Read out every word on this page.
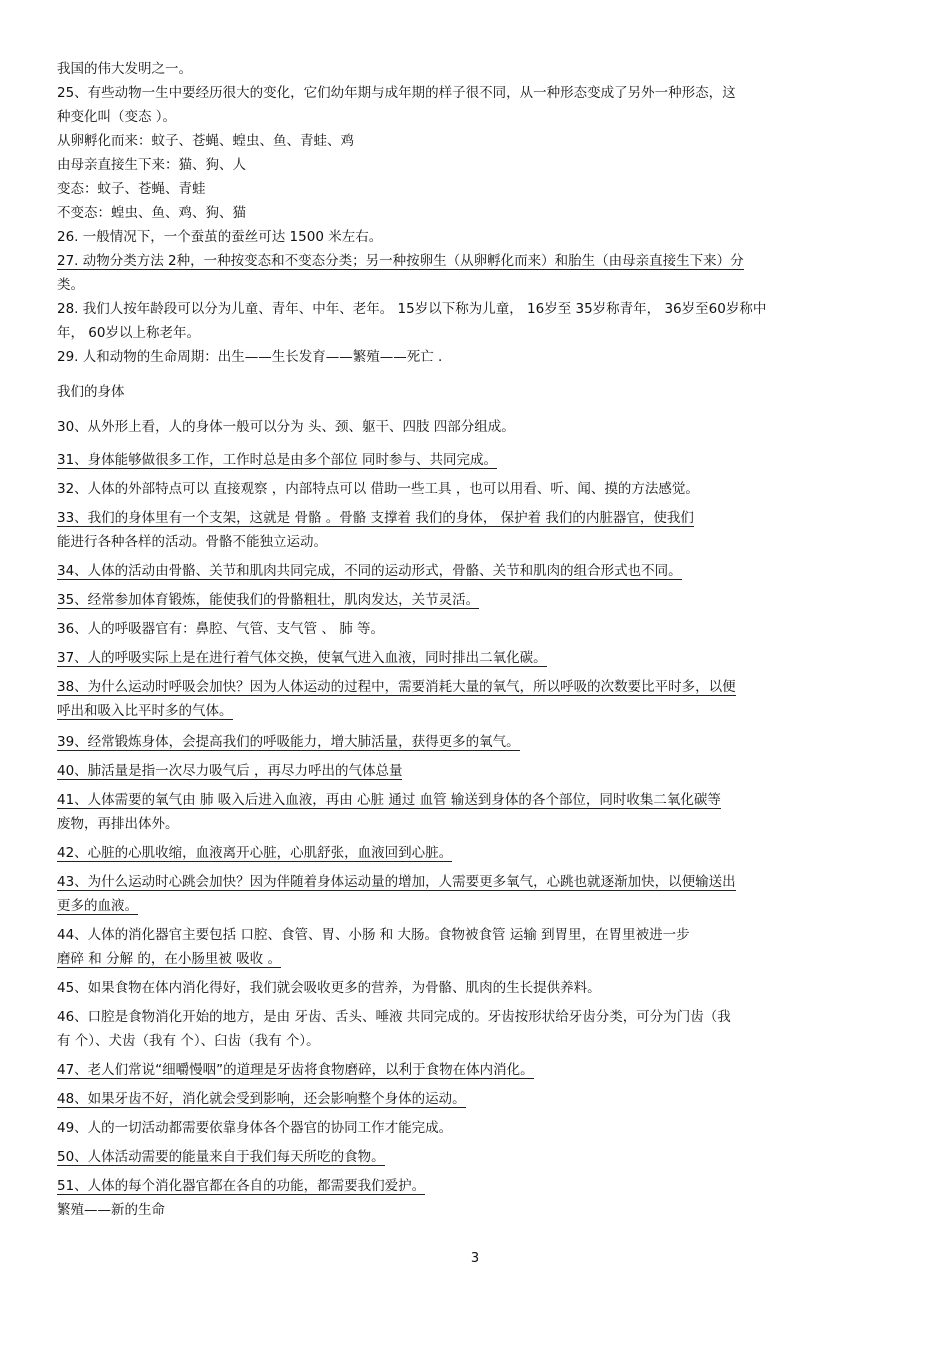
我国的伟大发明之一。

25、有些动物一生中要经历很大的变化，它们幼年期与成年期的样子很不同，从一种形态变成了另外一种形态，这

种变化叫（变态 ）。

从卵孵化而来：蚊子、苍蝇、蝗虫、鱼、青蛙、鸡

由母亲直接生下来：猫、狗、人

变态：蚊子、苍蝇、青蛙

不变态：蝗虫、鱼、鸡、狗、猫

26. 一般情况下，一个蚕茧的蚕丝可达 1500 米左右。

27. 动物分类方法 2种，一种按变态和不变态分类；另一种按卵生（从卵孵化而来）和胎生（由母亲直接生下来）分

类。

28. 我们人按年龄段可以分为儿童、青年、中年、老年。 15岁以下称为儿童， 16岁至 35岁称青年， 36岁至60岁称中

年， 60岁以上称老年。

29. 人和动物的生命周期：出生——生长发育——繁殖——死亡 .

我们的身体

30、从外形上看，人的身体一般可以分为 头、颈、躯干、四肢 四部分组成。

31、身体能够做很多工作，工作时总是由多个部位 同时参与、共同完成。

32、人体的外部特点可以 直接观察 ，内部特点可以 借助一些工具 ，也可以用看、听、闻、摸的方法感觉。

33、我们的身体里有一个支架，这就是 骨骼 。骨骼 支撑着 我们的身体， 保护着 我们的内脏器官，使我们

能进行各种各样的活动。骨骼不能独立运动。

34、人体的活动由骨骼、关节和肌肉共同完成，不同的运动形式，骨骼、关节和肌肉的组合形式也不同。

35、经常参加体育锻炼，能使我们的骨骼粗壮，肌肉发达，关节灵活。

36、人的呼吸器官有：鼻腔、气管、支气管 、 肺 等。

37、人的呼吸实际上是在进行着气体交换，使氧气进入血液，同时排出二氧化碳。

38、为什么运动时呼吸会加快？因为人体运动的过程中，需要消耗大量的氧气，所以呼吸的次数要比平时多，以便

呼出和吸入比平时多的气体。

39、经常锻炼身体，会提高我们的呼吸能力，增大肺活量，获得更多的氧气。

40、肺活量是指一次尽力吸气后 ，再尽力呼出的气体总量

41、人体需要的氧气由 肺 吸入后进入血液，再由 心脏 通过 血管 输送到身体的各个部位，同时收集二氧化碳等

废物，再排出体外。

42、心脏的心肌收缩，血液离开心脏，心肌舒张，血液回到心脏。

43、为什么运动时心跳会加快？因为伴随着身体运动量的增加，人需要更多氧气，心跳也就逐渐加快，以便输送出

更多的血液。

44、人体的消化器官主要包括 口腔、食管、胃、小肠 和 大肠。食物被食管 运输 到胃里，在胃里被进一步

磨碎 和 分解 的，在小肠里被 吸收 。

45、如果食物在体内消化得好，我们就会吸收更多的营养，为骨骼、肌肉的生长提供养料。

46、口腔是食物消化开始的地方，是由 牙齿、舌头、唾液 共同完成的。牙齿按形状给牙齿分类，可分为门齿（我

有 个）、犬齿（我有 个）、臼齿（我有 个）。

47、老人们常说“细嚼慢咽”的道理是牙齿将食物磨碎，以利于食物在体内消化。

48、如果牙齿不好，消化就会受到影响，还会影响整个身体的运动。

49、人的一切活动都需要依靠身体各个器官的协同工作才能完成。

50、人体活动需要的能量来自于我们每天所吃的食物。

51、人体的每个消化器官都在各自的功能，都需要我们爱护。

繁殖——新的生命

3
